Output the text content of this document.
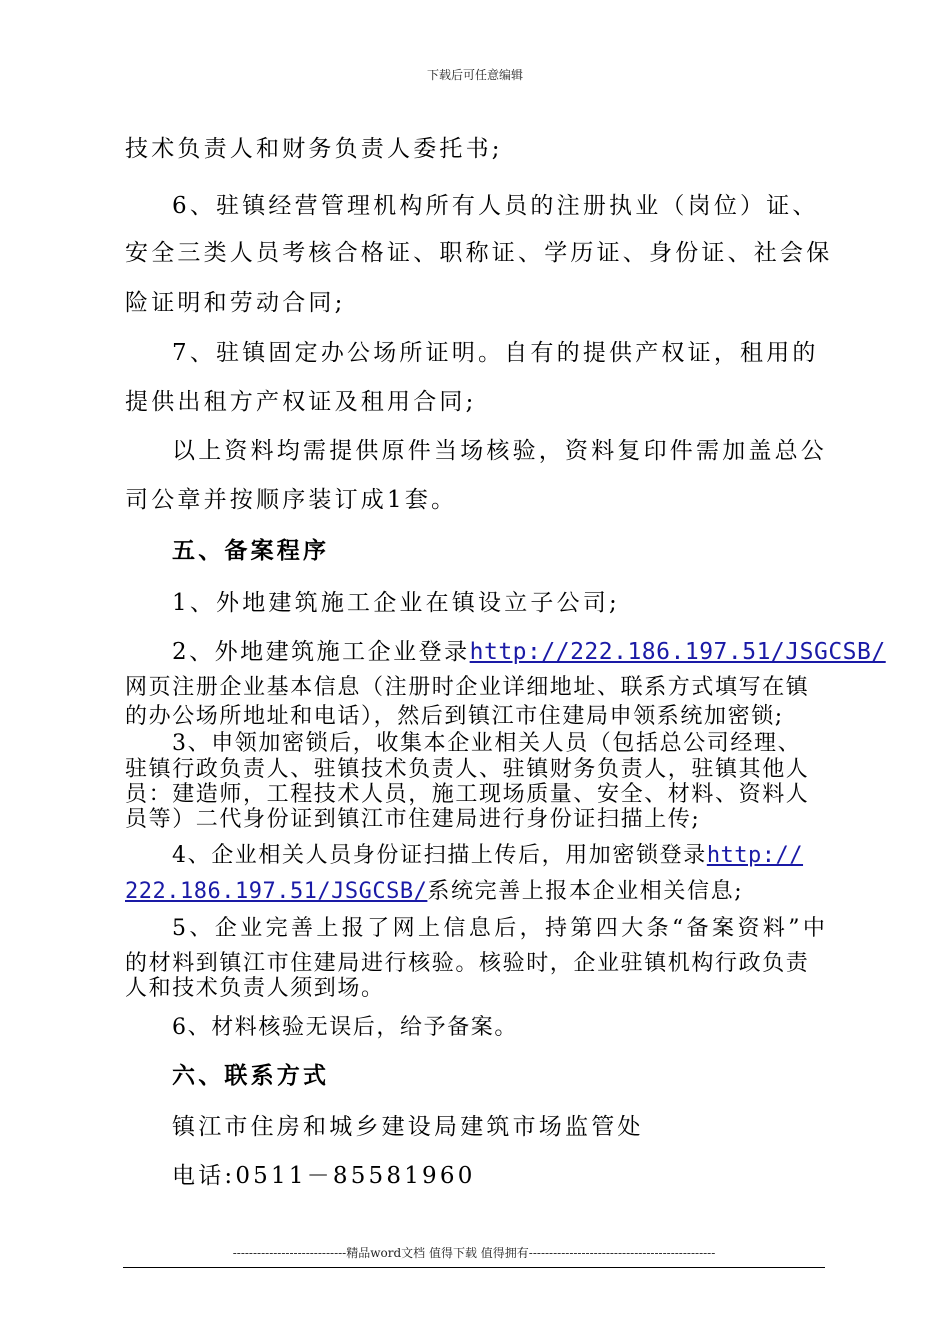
下载后可任意编辑
技术负责人和财务负责人委托书;
6、驻镇经营管理机构所有人员的注册执业（岗位）证、
安全三类人员考核合格证、职称证、学历证、身份证、社会保
险证明和劳动合同;
7、驻镇固定办公场所证明。自有的提供产权证，租用的
提供出租方产权证及租用合同;
以上资料均需提供原件当场核验，资料复印件需加盖总公
司公章并按顺序装订成1套。
五、备案程序
1、外地建筑施工企业在镇设立子公司;
2、外地建筑施工企业登录http://222.186.197.51/JSGCSB/
网页注册企业基本信息（注册时企业详细地址、联系方式填写在镇
的办公场所地址和电话），然后到镇江市住建局申领系统加密锁;
3、申领加密锁后，收集本企业相关人员（包括总公司经理、
驻镇行政负责人、驻镇技术负责人、驻镇财务负责人，驻镇其他人
员：建造师，工程技术人员，施工现场质量、安全、材料、资料人
员等）二代身份证到镇江市住建局进行身份证扫描上传;
4、企业相关人员身份证扫描上传后，用加密锁登录http://
222.186.197.51/JSGCSB/系统完善上报本企业相关信息;
5、企业完善上报了网上信息后，持第四大条“备案资料”中
的材料到镇江市住建局进行核验。核验时，企业驻镇机构行政负责
人和技术负责人须到场。
6、材料核验无误后，给予备案。
六、联系方式
镇江市住房和城乡建设局建筑市场监管处
电话:0511－85581960
----------------------------精品word文档 值得下载 值得拥有----------------------------------------------
